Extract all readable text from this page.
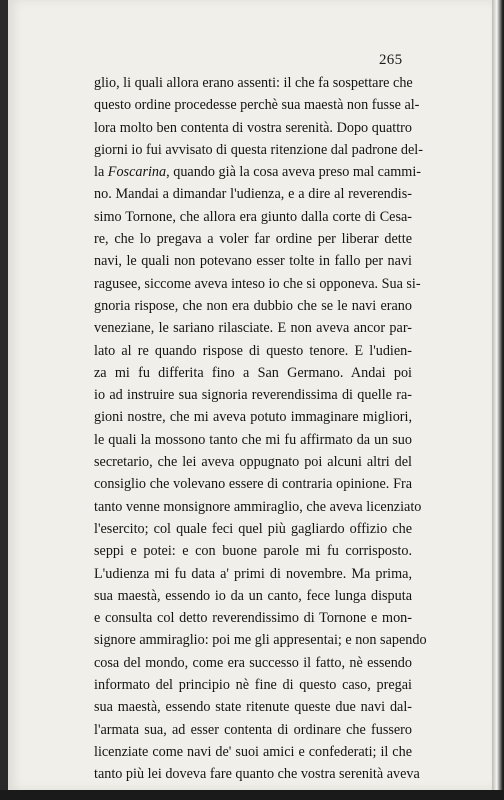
265
glio, li quali allora erano assenti: il che fa sospettare che
questo ordine procedesse perchè sua maestà non fusse al-
lora molto ben contenta di vostra serenità. Dopo quattro
giorni io fui avvisato di questa ritenzione dal padrone del-
la Foscarina, quando già la cosa aveva preso mal cammi-
no. Mandai a dimandar l'udienza, e a dire al reverendis-
simo Tornone, che allora era giunto dalla corte di Cesa-
re, che lo pregava a voler far ordine per liberar dette
navi, le quali non potevano esser tolte in fallo per navi
ragusee, siccome aveva inteso io che si opponeva. Sua si-
gnoria rispose, che non era dubbio che se le navi erano
veneziane, le sariano rilasciate. E non aveva ancor par-
lato al re quando rispose di questo tenore. E l'udien-
za mi fu differita fino a San Germano. Andai poi
io ad instruire sua signoria reverendissima di quelle ra-
gioni nostre, che mi aveva potuto immaginare migliori,
le quali la mossono tanto che mi fu affirmato da un suo
secretario, che lei aveva oppugnato poi alcuni altri del
consiglio che volevano essere di contraria opinione. Fra
tanto venne monsignore ammiraglio, che aveva licenziato
l'esercito; col quale feci quel più gagliardo offizio che
seppi e potei: e con buone parole mi fu corrisposto.
L'udienza mi fu data a' primi di novembre. Ma prima,
sua maestà, essendo io da un canto, fece lunga disputa
e consulta col detto reverendissimo di Tornone e mon-
signore ammiraglio: poi me gli appresentai; e non sapendo
cosa del mondo, come era successo il fatto, nè essendo
informato del principio nè fine di questo caso, pregai
sua maestà, essendo state ritenute queste due navi dal-
l'armata sua, ad esser contenta di ordinare che fussero
licenziate come navi de' suoi amici e confederati; il che
tanto più lei doveva fare quanto che vostra serenità aveva
